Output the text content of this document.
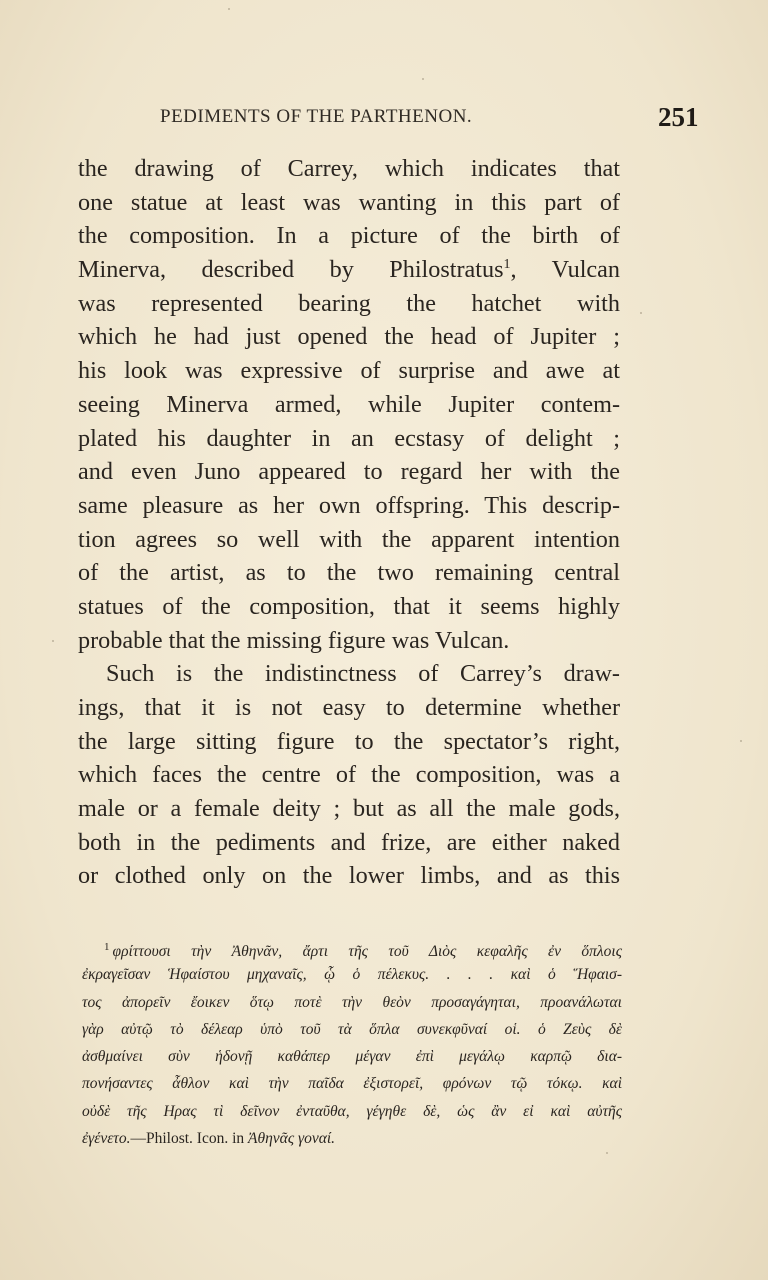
PEDIMENTS OF THE PARTHENON.	251
the drawing of Carrey, which indicates that
one statue at least was wanting in this part of
the composition. In a picture of the birth of
Minerva, described by Philostratus$^1$, Vulcan
was represented bearing the hatchet with
which he had just opened the head of Jupiter ;
his look was expressive of surprise and awe at
seeing Minerva armed, while Jupiter contem-
plated his daughter in an ecstasy of delight ;
and even Juno appeared to regard her with the
same pleasure as her own offspring. This descrip-
tion agrees so well with the apparent intention
of the artist, as to the two remaining central
statues of the composition, that it seems highly
probable that the missing figure was Vulcan.
Such is the indistinctness of Carrey’s draw-
ings, that it is not easy to determine whether
the large sitting figure to the spectator’s right,
which faces the centre of the composition, was a
male or a female deity ; but as all the male gods,
both in the pediments and frize, are either naked
or clothed only on the lower limbs, and as this
$^1$ φρίττουσι τὴν Ἀθηνᾶν, ἄρτι τῆς τοῦ Διὸς κεφαλῆς ἐν ὅπλοις
ἐκραγεῖσαν Ἡφαίστου μηχαναῖς, ᾧ ὁ πέλεκυς. . . . καὶ ὁ Ἥφαισ-
τος ἀπορεῖν ἔοικεν ὅτῳ ποτὲ τὴν θεὸν προσαγάγηται, προανάλωται
γὰρ αὐτῷ τὸ δέλεαρ ὑπὸ τοῦ τὰ ὅπλα συνεκφῦναί οἱ. ὁ Ζεὺς δὲ
ἀσθμαίνει σὺν ἡδονῇ καθάπερ μέγαν ἐπὶ μεγάλῳ καρπῷ δια-
πονήσαντες ἆθλον καὶ τὴν παῖδα ἐξιστορεῖ, φρόνων τῷ τόκῳ. καὶ
οὐδὲ τῆς Ηρας τὶ δεῖνον ἐνταῦθα, γέγηθε δὲ, ὡς ἂν εἰ καὶ αὐτῆς
ἐγένετο.—Philost. Icon. in Ἀθηνᾶς γοναί.
